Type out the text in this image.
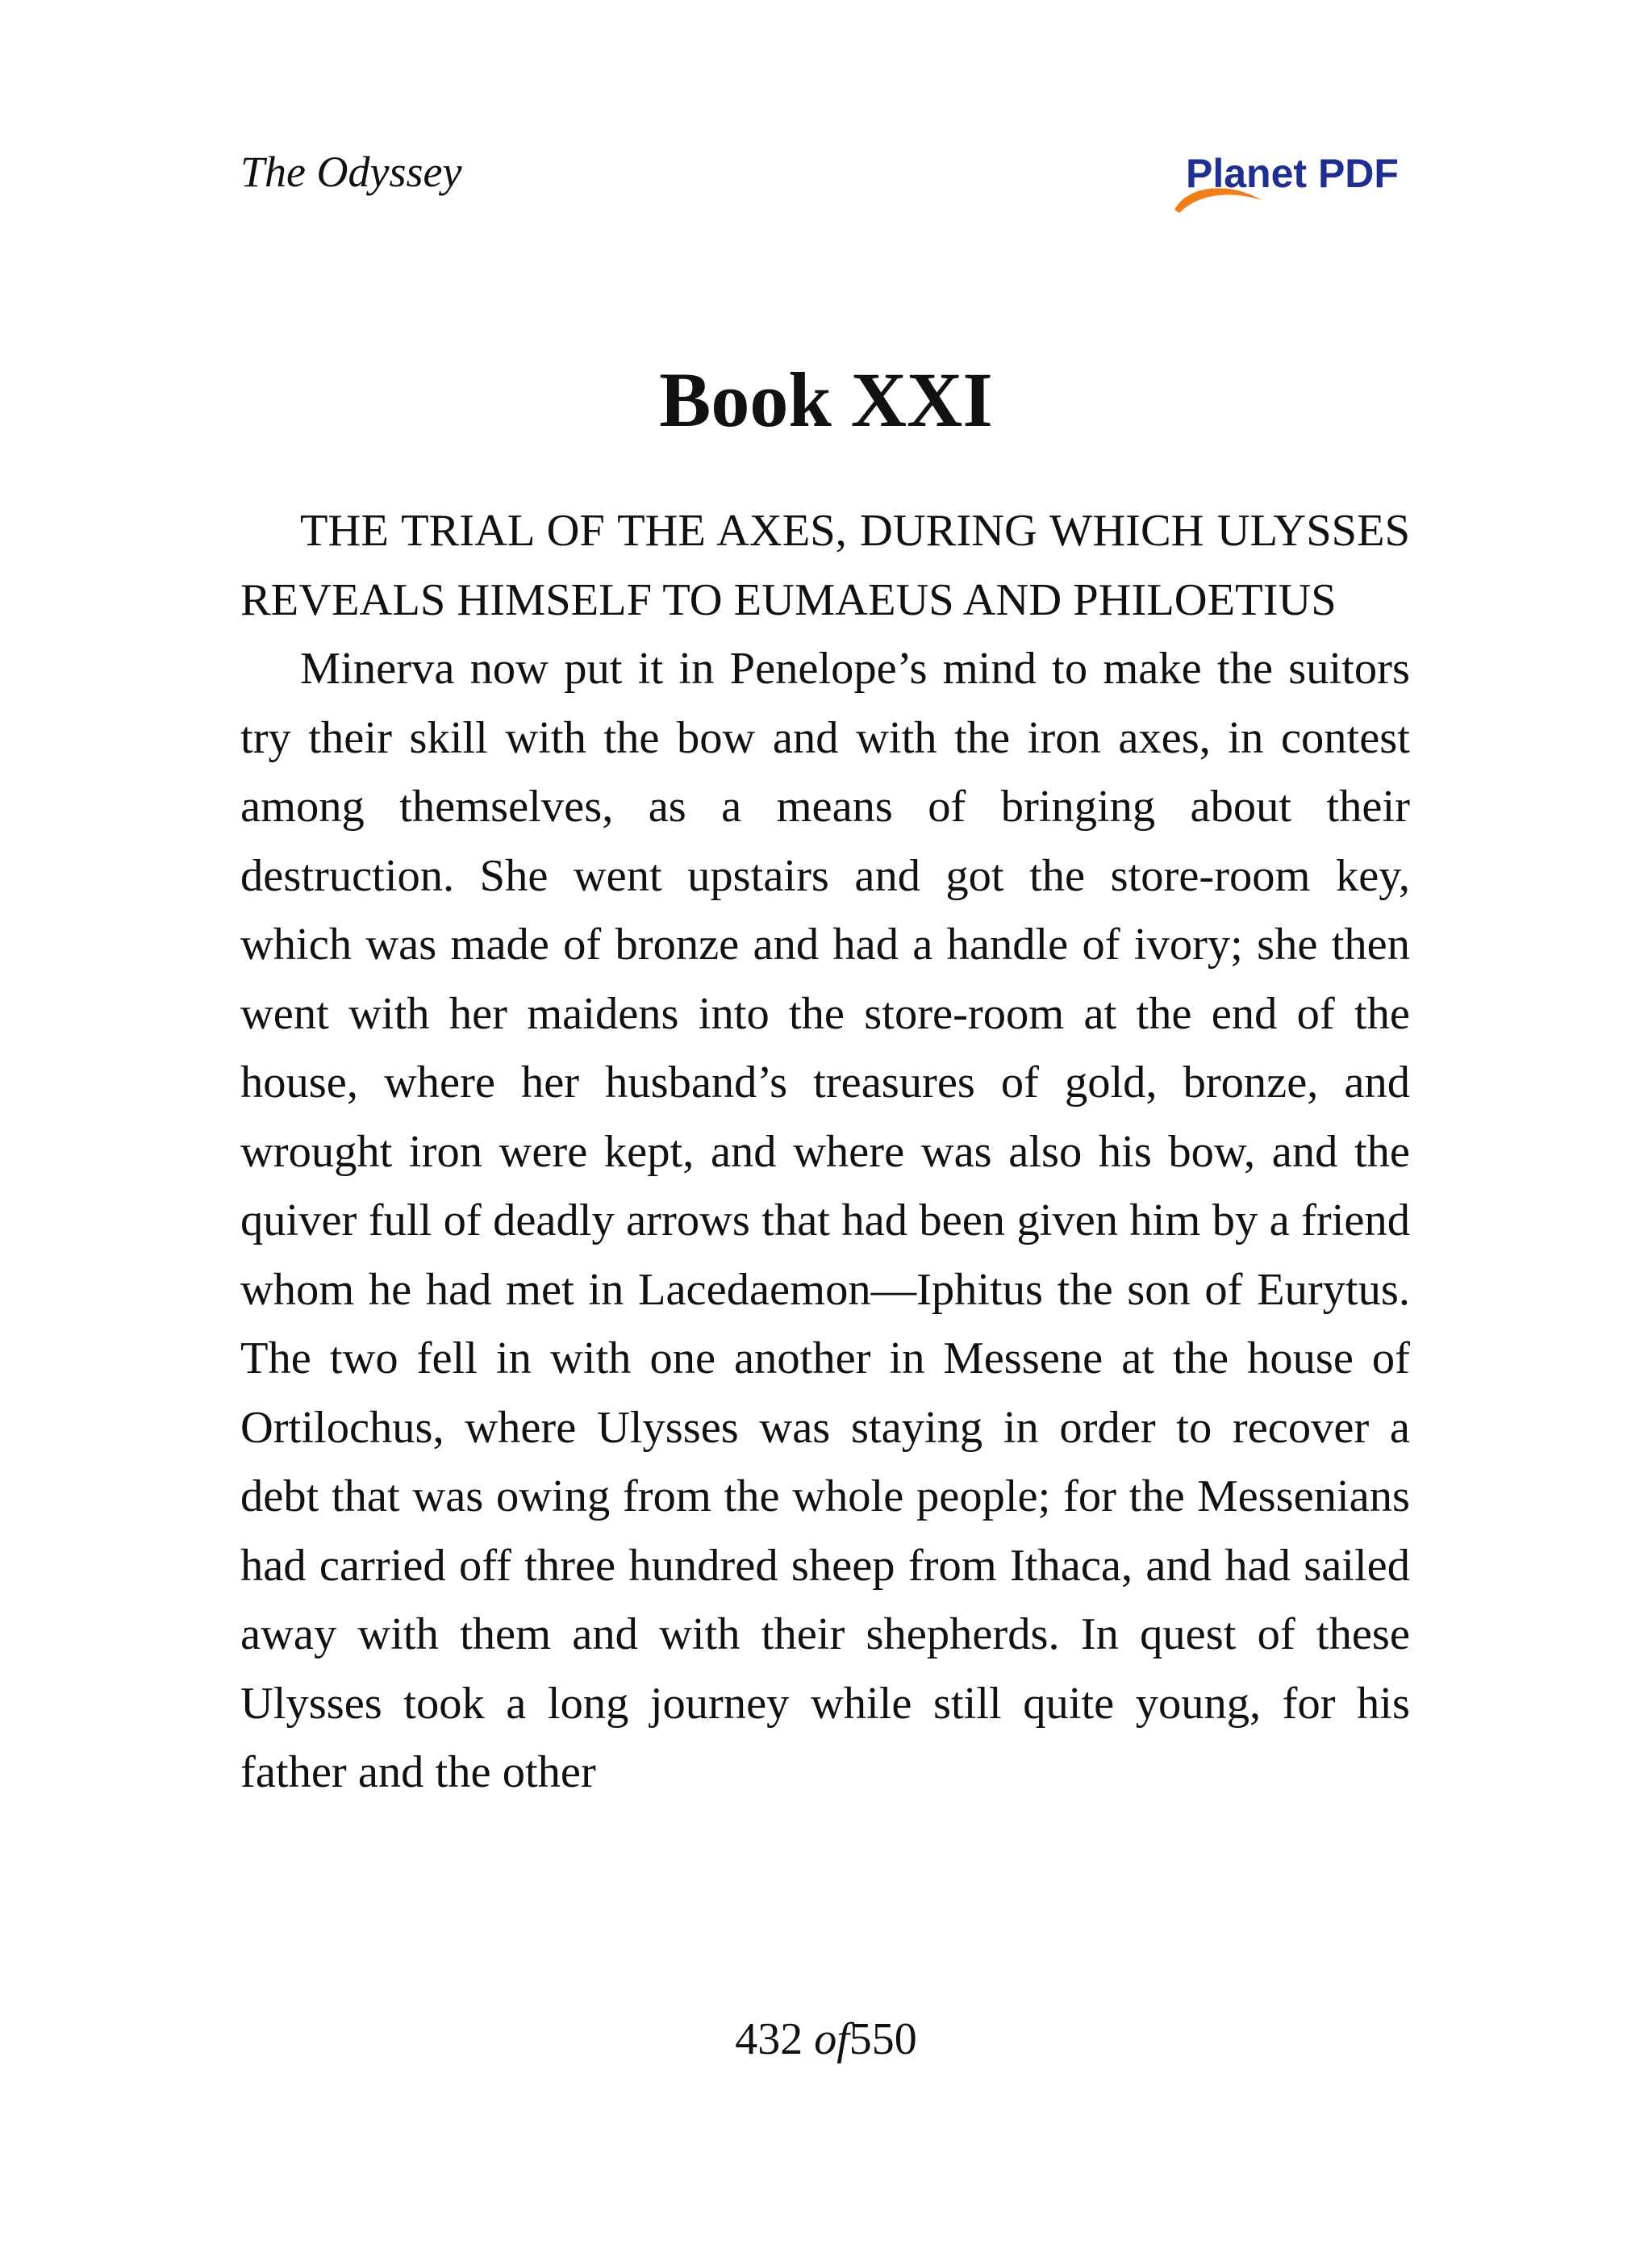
The Odyssey	Planet PDF
Book XXI

THE TRIAL OF THE AXES, DURING WHICH ULYSSES REVEALS HIMSELF TO EUMAEUS AND PHILOETIUS

Minerva now put it in Penelope’s mind to make the suitors try their skill with the bow and with the iron axes, in contest among themselves, as a means of bringing about their destruction. She went upstairs and got the store-room key, which was made of bronze and had a handle of ivory; she then went with her maidens into the store-room at the end of the house, where her husband’s treasures of gold, bronze, and wrought iron were kept, and where was also his bow, and the quiver full of deadly arrows that had been given him by a friend whom he had met in Lacedaemon—Iphitus the son of Eurytus. The two fell in with one another in Messene at the house of Ortilochus, where Ulysses was staying in order to recover a debt that was owing from the whole people; for the Messenians had carried off three hundred sheep from Ithaca, and had sailed away with them and with their shepherds. In quest of these Ulysses took a long journey while still quite young, for his father and the other

432 of550
